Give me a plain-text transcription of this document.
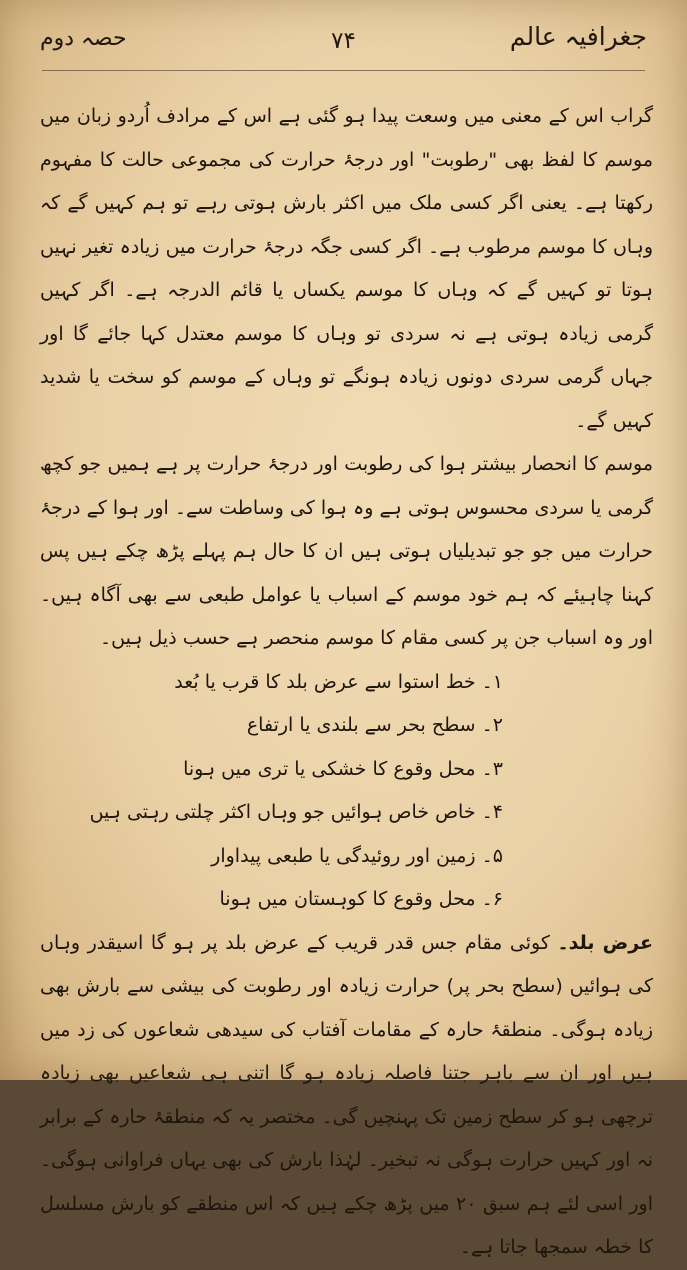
جغرافیہ عالم
۷۴
حصہ دوم

گراب اس کے معنی میں وسعت پیدا ہو گئی ہے اس کے مرادف اُردو زبان میں موسم کا لفظ بھی "رطوبت" اور درجۂ حرارت کی مجموعی حالت کا مفہوم رکھتا ہے۔ یعنی اگر کسی ملک میں اکثر بارش ہوتی رہے تو ہم کہیں گے کہ وہاں کا موسم مرطوب ہے۔ اگر کسی جگہ درجۂ حرارت میں زیادہ تغیر نہیں ہوتا تو کہیں گے کہ وہاں کا موسم یکساں یا قائم الدرجہ ہے۔ اگر کہیں گرمی زیادہ ہوتی ہے نہ سردی تو وہاں کا موسم معتدل کہا جائے گا اور جہاں گرمی سردی دونوں زیادہ ہونگے تو وہاں کے موسم کو سخت یا شدید کہیں گے۔

موسم کا انحصار بیشتر ہوا کی رطوبت اور درجۂ حرارت پر ہے ہمیں جو کچھ گرمی یا سردی محسوس ہوتی ہے وہ ہوا کی وساطت سے۔ اور ہوا کے درجۂ حرارت میں جو جو تبدیلیاں ہوتی ہیں ان کا حال ہم پہلے پڑھ چکے ہیں پس کہنا چاہیئے کہ ہم خود موسم کے اسباب یا عوامل طبعی سے بھی آگاہ ہیں۔ اور وہ اسباب جن پر کسی مقام کا موسم منحصر ہے حسب ذیل ہیں۔

۱۔ خط استوا سے عرض بلد کا قرب یا بُعد
۲۔ سطح بحر سے بلندی یا ارتفاع
۳۔ محل وقوع کا خشکی یا تری میں ہونا
۴۔ خاص خاص ہوائیں جو وہاں اکثر چلتی رہتی ہیں
۵۔ زمین اور روئیدگی یا طبعی پیداوار
۶۔ محل وقوع کا کوہستان میں ہونا

عرض بلد۔ کوئی مقام جس قدر قریب کے عرض بلد پر ہو گا اسیقدر وہاں کی ہوائیں (سطح بحر پر) حرارت زیادہ اور رطوبت کی بیشی سے بارش بھی زیادہ ہوگی۔ منطقۂ حارہ کے مقامات آفتاب کی سیدھی شعاعوں کی زد میں ہیں اور ان سے باہر جتنا فاصلہ زیادہ ہو گا اتنی ہی شعاعیں بھی زیادہ ترچھی ہو کر سطح زمین تک پہنچیں گی۔ مختصر یہ کہ منطقۂ حارہ کے برابر نہ اور کہیں حرارت ہوگی نہ تبخیر۔ لہٰذا بارش کی بھی یہاں فراوانی ہوگی۔ اور اسی لئے ہم سبق ۲۰ میں پڑھ چکے ہیں کہ اس منطقے کو بارش مسلسل کا خطہ سمجھا جاتا ہے۔
